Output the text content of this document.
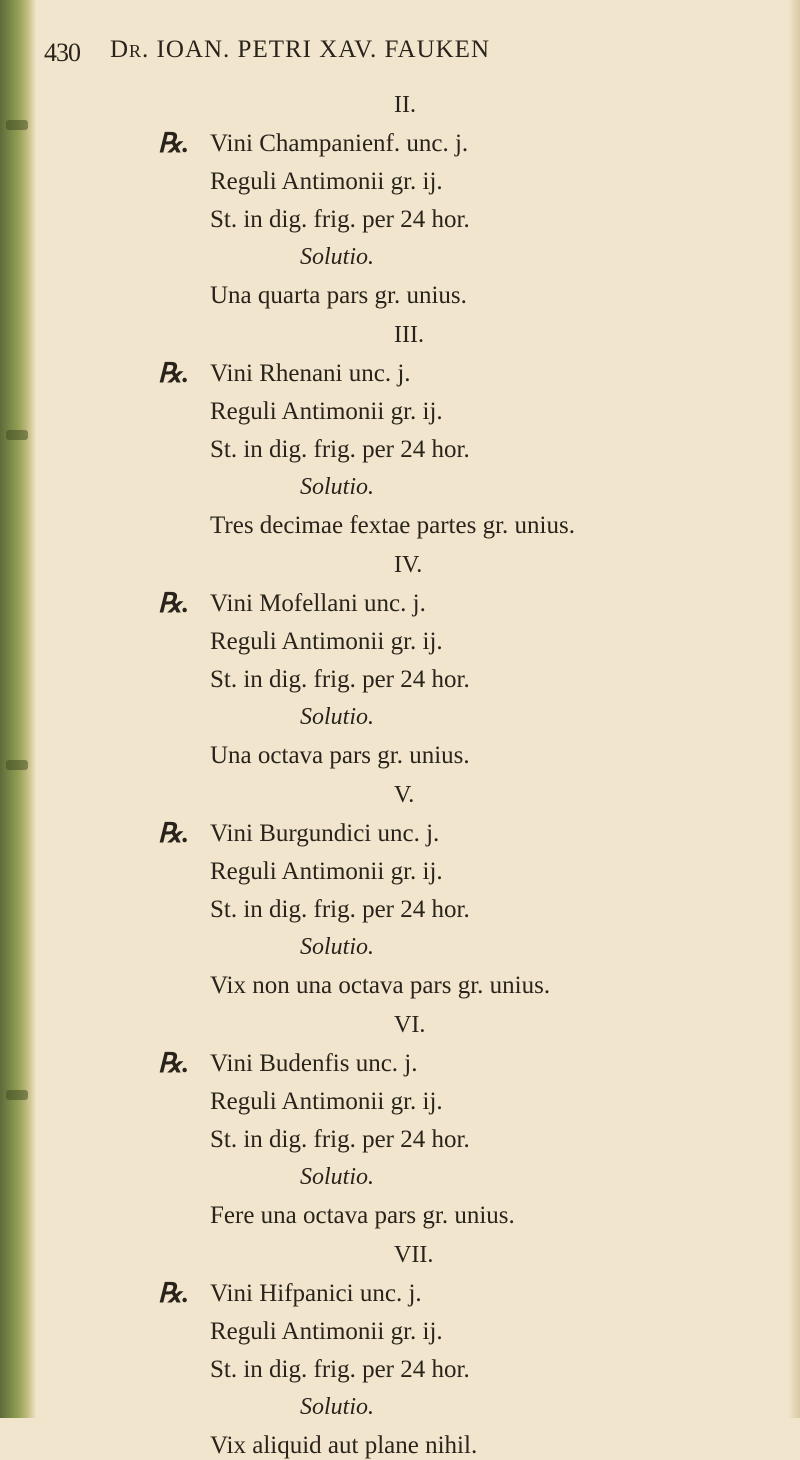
430 Dr. IOAN. PETRI XAV. FAUKEN
II.
℞. Vini Champanienf. unc. j.
Reguli Antimonii gr. ij.
St. in dig. frig. per 24 hor.
Solutio.
Una quarta pars gr. unius.
III.
℞. Vini Rhenani unc. j.
Reguli Antimonii gr. ij.
St. in dig. frig. per 24 hor.
Solutio.
Tres decimae fextae partes gr. unius.
IV.
℞. Vini Mofellani unc. j.
Reguli Antimonii gr. ij.
St. in dig. frig. per 24 hor.
Solutio.
Una octava pars gr. unius.
V.
℞. Vini Burgundici unc. j.
Reguli Antimonii gr. ij.
St. in dig. frig. per 24 hor.
Solutio.
Vix non una octava pars gr. unius.
VI.
℞. Vini Budenfis unc. j.
Reguli Antimonii gr. ij.
St. in dig. frig. per 24 hor.
Solutio.
Fere una octava pars gr. unius.
VII.
℞. Vini Hifpanici unc. j.
Reguli Antimonii gr. ij.
St. in dig. frig. per 24 hor.
Solutio.
Vix aliquid aut plane nihil.
